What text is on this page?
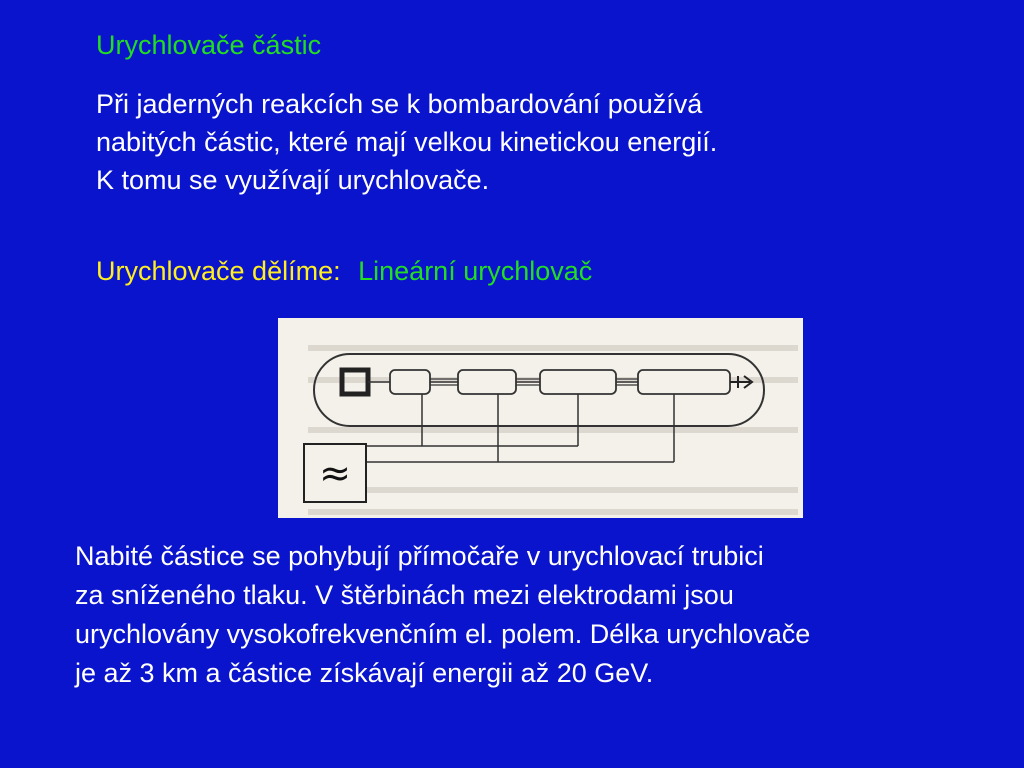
Urychlovače částic
Při jaderných reakcích se k bombardování používá
nabitých částic, které mají velkou kinetickou energií.
K tomu se využívají urychlovače.
Urychlovače dělíme: Lineární urychlovač
≈
Nabité částice se pohybují přímočaře v urychlovací trubici
za sníženého tlaku. V štěrbinách mezi elektrodami jsou
urychlovány vysokofrekvenčním el. polem. Délka urychlovače
je až 3 km a částice získávají energii až 20 GeV.
